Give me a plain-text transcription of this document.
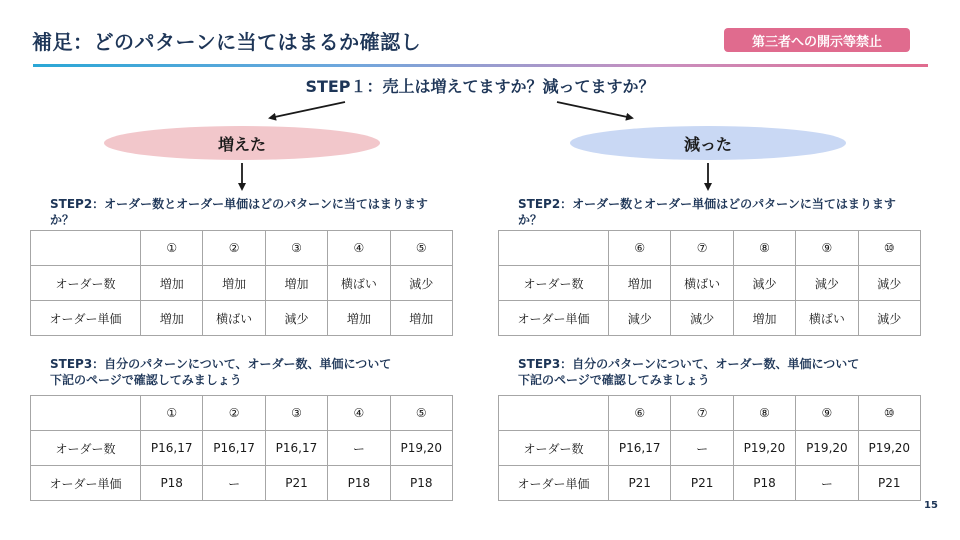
補足：どのパターンに当てはまるか確認し	第三者への開示等禁止
STEP１：売上は増えてますか？減ってますか？
増えた	減った
STEP2：オーダー数とオーダー単価はどのパターンに当てはまりますか？
STEP2：オーダー数とオーダー単価はどのパターンに当てはまりますか？
STEP3：自分のパターンについて、オーダー数、単価について
下記のページで確認してみましょう
STEP3：自分のパターンについて、オーダー数、単価について
下記のページで確認してみましょう
	①	②	③	④	⑤
オーダー数	増加	増加	増加	横ばい	減少
オーダー単価	増加	横ばい	減少	増加	増加
	⑥	⑦	⑧	⑨	⑩
オーダー数	増加	横ばい	減少	減少	減少
オーダー単価	減少	減少	増加	横ばい	減少
	①	②	③	④	⑤
オーダー数	P16,17	P16,17	P16,17	ー	P19,20
オーダー単価	P18	ー	P21	P18	P18
	⑥	⑦	⑧	⑨	⑩
オーダー数	P16,17	ー	P19,20	P19,20	P19,20
オーダー単価	P21	P21	P18	ー	P21
15
